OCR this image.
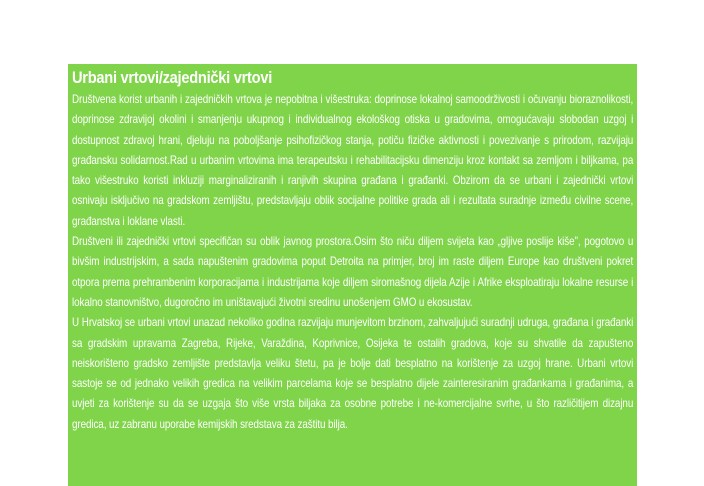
Urbani vrtovi/zajednički vrtovi

Društvena korist urbanih i zajedničkih vrtova je nepobitna i višestruka: doprinose lokalnoj samoodrživosti i očuvanju bioraznolikosti, doprinose zdravijoj okolini i smanjenju ukupnog i individualnog ekološkog otiska u gradovima, omogućavaju slobodan uzgoj i dostupnost zdravoj hrani, djeluju na poboljšanje psihofizičkog stanja, potiču fizičke aktivnosti i povezivanje s prirodom, razvijaju građansku solidarnost.Rad u urbanim vrtovima ima terapeutsku i rehabilitacijsku dimenziju kroz kontakt sa zemljom i biljkama, pa tako višestruko koristi inkluziji marginaliziranih i ranjivih skupina građana i građanki. Obzirom da se urbani i zajednički vrtovi osnivaju isključivo na gradskom zemljištu, predstavljaju oblik socijalne politike grada ali i rezultata suradnje između civilne scene, građanstva i loklane vlasti.

Društveni ili zajednički vrtovi specifičan su oblik javnog prostora.Osim što niču diljem svijeta kao „gljive poslije kiše", pogotovo u bivšim industrijskim, a sada napuštenim gradovima poput Detroita na primjer, broj im raste diljem Europe kao društveni pokret otpora prema prehrambenim korporacijama i industrijama koje diljem siromašnog dijela Azije i Afrike eksploatiraju lokalne resurse i lokalno stanovništvo, dugoročno im uništavajući životni sredinu unošenjem GMO u ekosustav.

U Hrvatskoj se urbani vrtovi unazad nekoliko godina razvijaju munjevitom brzinom, zahvaljujući suradnji udruga, građana i građanki sa gradskim upravama Zagreba, Rijeke, Varaždina, Koprivnice, Osijeka te ostalih gradova, koje su shvatile da zapušteno neiskorišteno gradsko zemljište predstavlja veliku štetu, pa je bolje dati besplatno na korištenje za uzgoj hrane. Urbani vrtovi sastoje se od jednako velikih gredica na velikim parcelama koje se besplatno dijele zainteresiranim građankama i građanima, a uvjeti za korištenje su da se uzgaja što više vrsta biljaka za osobne potrebe i ne-komercijalne svrhe, u što različitijem dizajnu gredica, uz zabranu uporabe kemijskih sredstava za zaštitu bilja.
